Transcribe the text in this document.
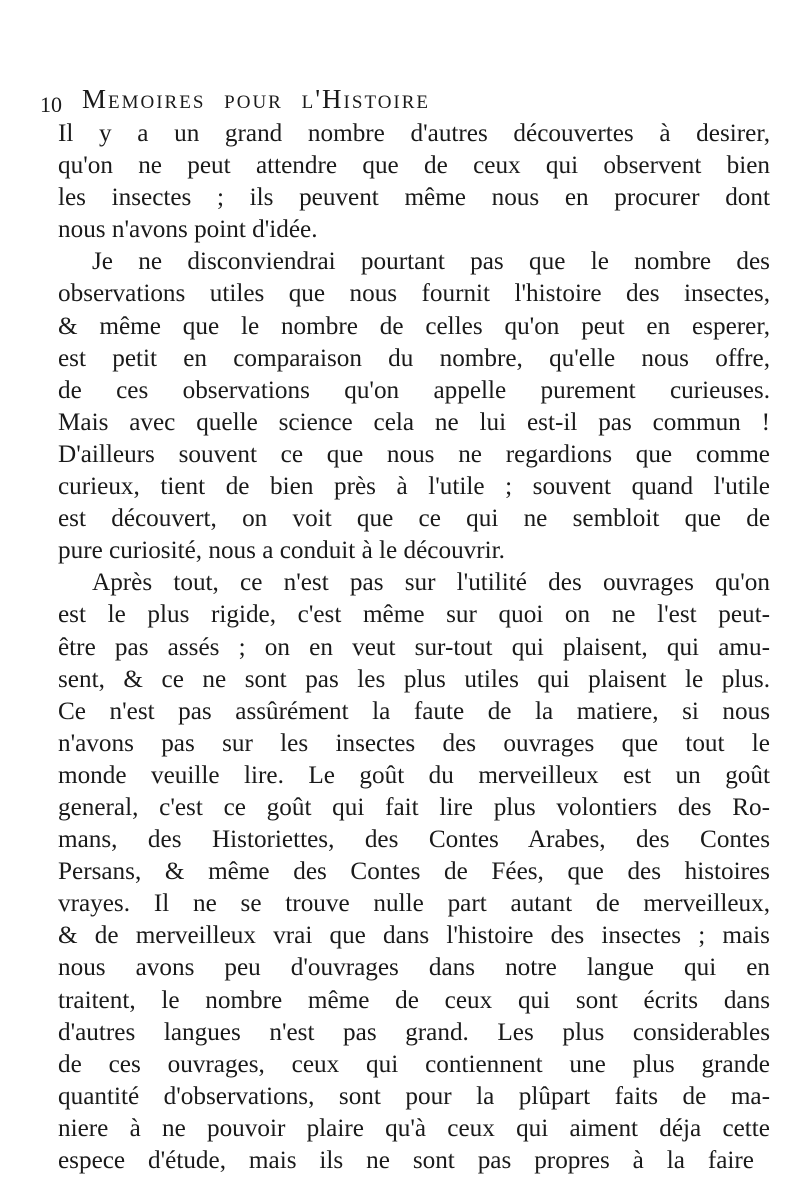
10 Memoires pour l'Histoire
Il y a un grand nombre d'autres découvertes à desirer,
qu'on ne peut attendre que de ceux qui observent bien
les insectes ; ils peuvent même nous en procurer dont
nous n'avons point d'idée.
Je ne disconviendrai pourtant pas que le nombre des
observations utiles que nous fournit l'histoire des insectes,
& même que le nombre de celles qu'on peut en esperer,
est petit en comparaison du nombre, qu'elle nous offre,
de ces observations qu'on appelle purement curieuses.
Mais avec quelle science cela ne lui est-il pas commun !
D'ailleurs souvent ce que nous ne regardions que comme
curieux, tient de bien près à l'utile ; souvent quand l'utile
est découvert, on voit que ce qui ne sembloit que de
pure curiosité, nous a conduit à le découvrir.
Après tout, ce n'est pas sur l'utilité des ouvrages qu'on
est le plus rigide, c'est même sur quoi on ne l'est peut-
être pas assés ; on en veut sur-tout qui plaisent, qui amu-
sent, & ce ne sont pas les plus utiles qui plaisent le plus.
Ce n'est pas assûrément la faute de la matiere, si nous
n'avons pas sur les insectes des ouvrages que tout le
monde veuille lire. Le goût du merveilleux est un goût
general, c'est ce goût qui fait lire plus volontiers des Ro-
mans, des Historiettes, des Contes Arabes, des Contes
Persans, & même des Contes de Fées, que des histoires
vrayes. Il ne se trouve nulle part autant de merveilleux,
& de merveilleux vrai que dans l'histoire des insectes ; mais
nous avons peu d'ouvrages dans notre langue qui en
traitent, le nombre même de ceux qui sont écrits dans
d'autres langues n'est pas grand. Les plus considerables
de ces ouvrages, ceux qui contiennent une plus grande
quantité d'observations, sont pour la plûpart faits de ma-
niere à ne pouvoir plaire qu'à ceux qui aiment déja cette
espece d'étude, mais ils ne sont pas propres à la faire
